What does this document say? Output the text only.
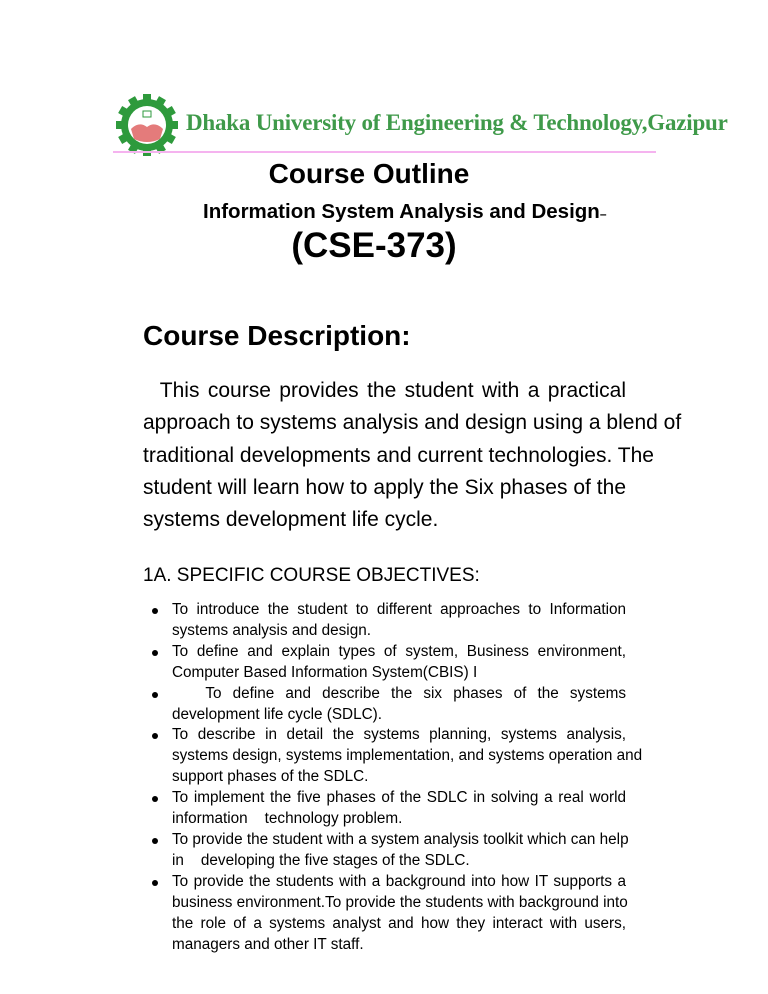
Dhaka University of Engineering & Technology,Gazipur
Course Outline
Information System Analysis and Design–
(CSE-373)
Course Description:
This course provides the student with a practical
approach to systems analysis and design using a blend of
traditional developments and current technologies. The
student will learn how to apply the Six phases of the
systems development life cycle.
1A. SPECIFIC COURSE OBJECTIVES:
To introduce the student to different approaches to Information
systems analysis and design.
To define and explain types of system, Business environment,
Computer Based Information System(CBIS) I
To define and describe the six phases of the systems
development life cycle (SDLC).
To describe in detail the systems planning, systems analysis,
systems design, systems implementation, and systems operation and
support phases of the SDLC.
To implement the five phases of the SDLC in solving a real world
information    technology problem.
To provide the student with a system analysis toolkit which can help
in    developing the five stages of the SDLC.
To provide the students with a background into how IT supports a
business environment.To provide the students with background into
the role of a systems analyst and how they interact with users,
managers and other IT staff.
